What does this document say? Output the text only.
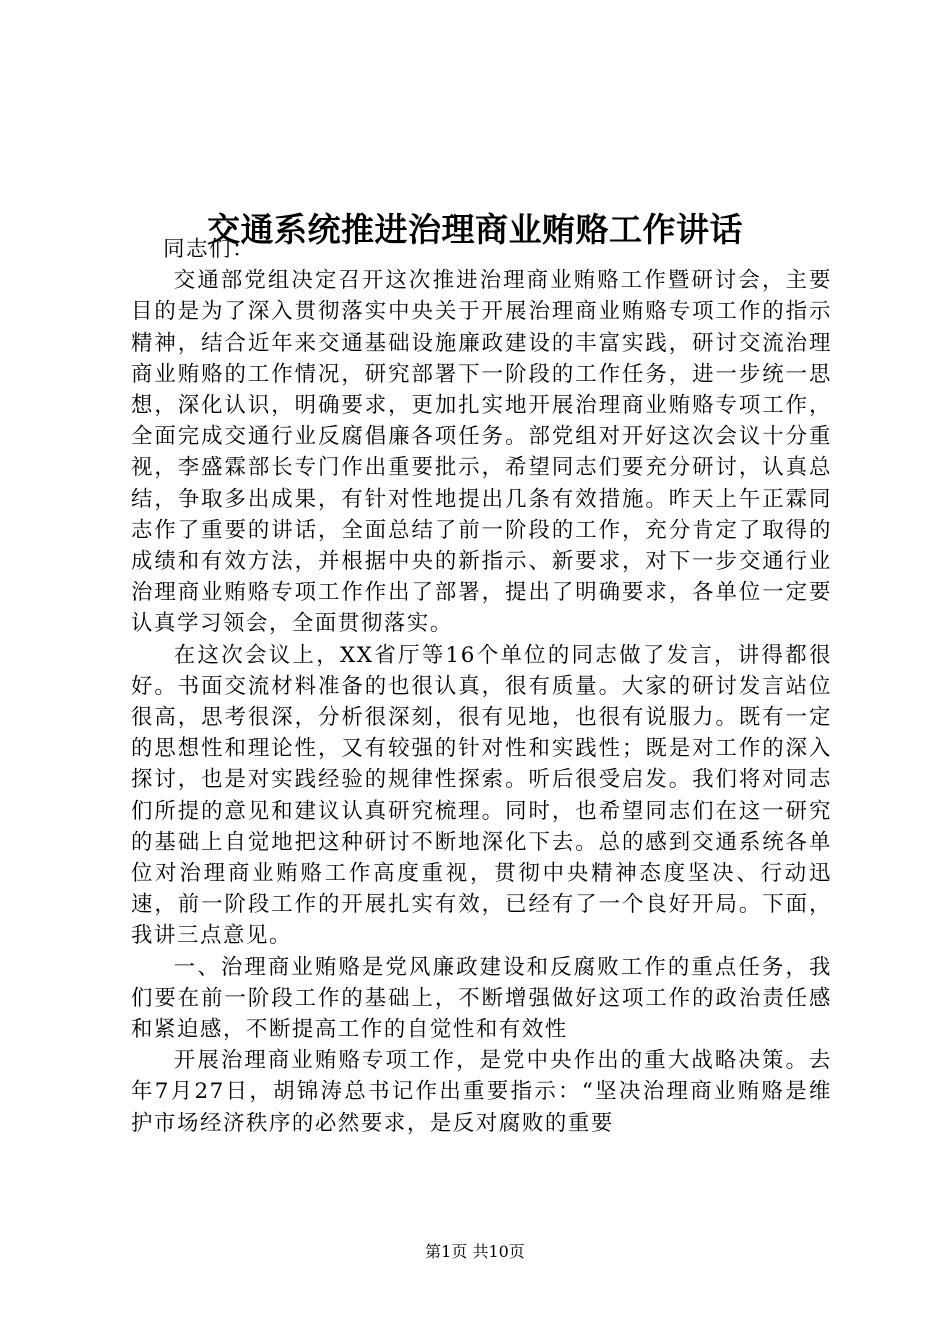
交通系统推进治理商业贿赂工作讲话

同志们：

交通部党组决定召开这次推进治理商业贿赂工作暨研讨会，主要目的是为了深入贯彻落实中央关于开展治理商业贿赂专项工作的指示精神，结合近年来交通基础设施廉政建设的丰富实践，研讨交流治理商业贿赂的工作情况，研究部署下一阶段的工作任务，进一步统一思想，深化认识，明确要求，更加扎实地开展治理商业贿赂专项工作，全面完成交通行业反腐倡廉各项任务。部党组对开好这次会议十分重视，李盛霖部长专门作出重要批示，希望同志们要充分研讨，认真总结，争取多出成果，有针对性地提出几条有效措施。昨天上午正霖同志作了重要的讲话，全面总结了前一阶段的工作，充分肯定了取得的成绩和有效方法，并根据中央的新指示、新要求，对下一步交通行业治理商业贿赂专项工作作出了部署，提出了明确要求，各单位一定要认真学习领会，全面贯彻落实。

在这次会议上，XX省厅等16个单位的同志做了发言，讲得都很好。书面交流材料准备的也很认真，很有质量。大家的研讨发言站位很高，思考很深，分析很深刻，很有见地，也很有说服力。既有一定的思想性和理论性，又有较强的针对性和实践性；既是对工作的深入探讨，也是对实践经验的规律性探索。听后很受启发。我们将对同志们所提的意见和建议认真研究梳理。同时，也希望同志们在这一研究的基础上自觉地把这种研讨不断地深化下去。总的感到交通系统各单位对治理商业贿赂工作高度重视，贯彻中央精神态度坚决、行动迅速，前一阶段工作的开展扎实有效，已经有了一个良好开局。下面，我讲三点意见。

一、治理商业贿赂是党风廉政建设和反腐败工作的重点任务，我们要在前一阶段工作的基础上，不断增强做好这项工作的政治责任感和紧迫感，不断提高工作的自觉性和有效性

开展治理商业贿赂专项工作，是党中央作出的重大战略决策。去年7月27日，胡锦涛总书记作出重要指示：“坚决治理商业贿赂是维护市场经济秩序的必然要求，是反对腐败的重要

第1页 共10页
